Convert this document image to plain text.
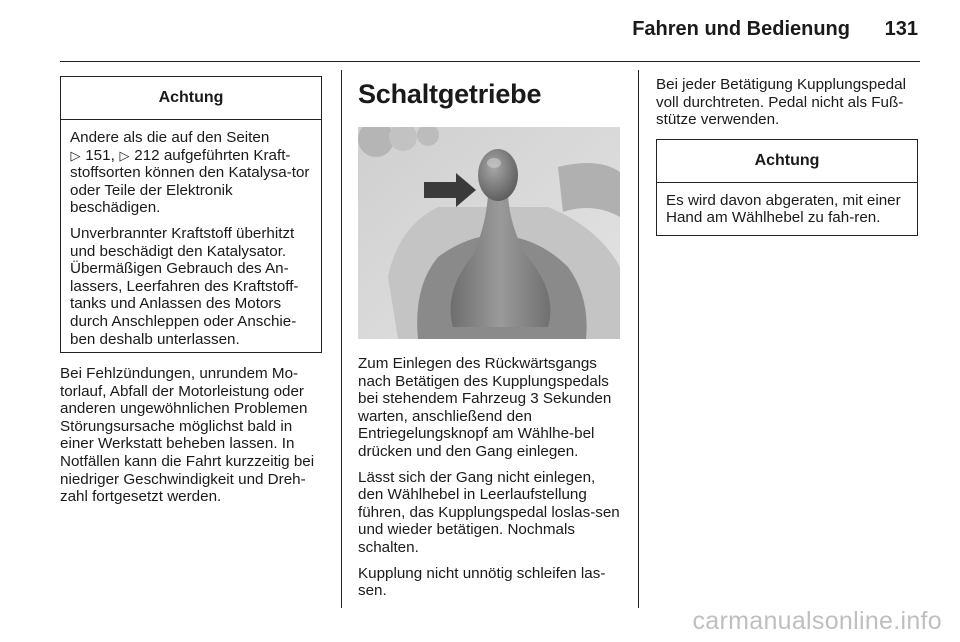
Fahren und Bedienung 131
Achtung

Andere als die auf den Seiten
▷ 151, ▷ 212 aufgeführten Kraft-stoffsorten können den Katalysa-tor oder Teile der Elektronik beschädigen.

Unverbrannter Kraftstoff überhitzt und beschädigt den Katalysator. Übermäßigen Gebrauch des An-lassers, Leerfahren des Kraftstoff-tanks und Anlassen des Motors durch Anschleppen oder Anschie-ben deshalb unterlassen.

Bei Fehlzündungen, unrundem Mo-torlauf, Abfall der Motorleistung oder anderen ungewöhnlichen Problemen Störungsursache möglichst bald in einer Werkstatt beheben lassen. In Notfällen kann die Fahrt kurzzeitig bei niedriger Geschwindigkeit und Dreh-zahl fortgesetzt werden.

Schaltgetriebe

Zum Einlegen des Rückwärtsgangs nach Betätigen des Kupplungspedals bei stehendem Fahrzeug 3 Sekunden warten, anschließend den Entriegelungsknopf am Wählhe-bel drücken und den Gang einlegen.

Lässt sich der Gang nicht einlegen, den Wählhebel in Leerlaufstellung führen, das Kupplungspedal loslas-sen und wieder betätigen. Nochmals schalten.

Kupplung nicht unnötig schleifen las-sen.

Bei jeder Betätigung Kupplungspedal voll durchtreten. Pedal nicht als Fuß-stütze verwenden.

Achtung

Es wird davon abgeraten, mit einer Hand am Wählhebel zu fah-ren.

carmanualsonline.info
